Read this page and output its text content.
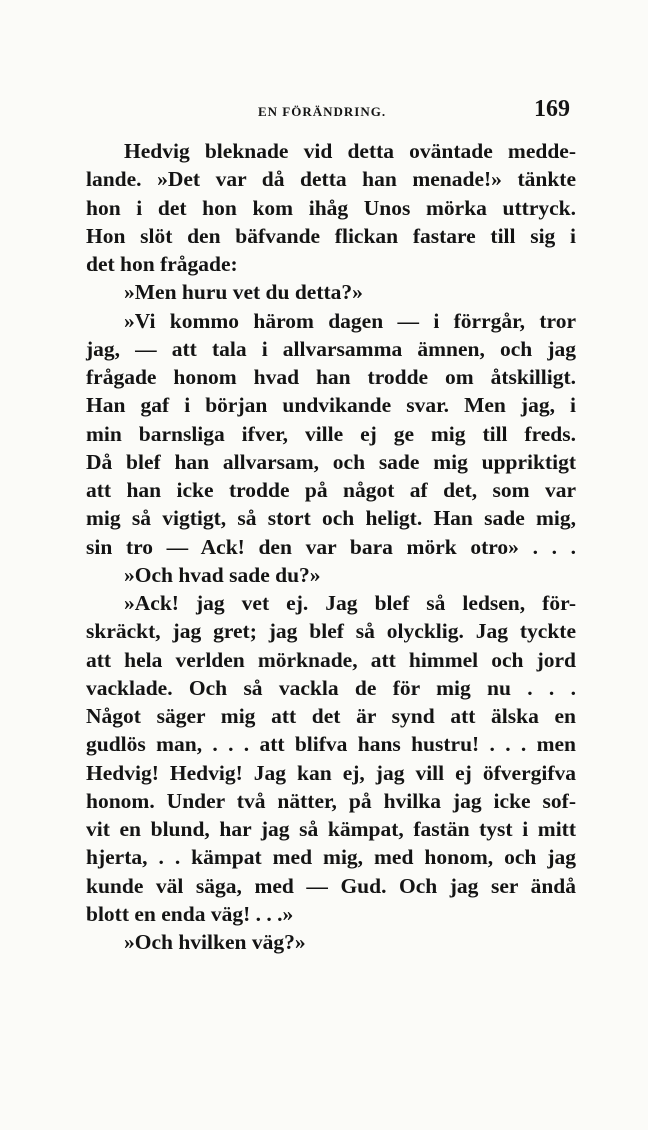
EN FÖRÄNDRING.	169
Hedvig bleknade vid detta oväntade medde-
lande. »Det var då detta han menade!» tänkte
hon i det hon kom ihåg Unos mörka uttryck.
Hon slöt den bäfvande flickan fastare till sig i
det hon frågade:
»Men huru vet du detta?»
»Vi kommo härom dagen — i förrgår, tror
jag, — att tala i allvarsamma ämnen, och jag
frågade honom hvad han trodde om åtskilligt.
Han gaf i början undvikande svar. Men jag, i
min barnsliga ifver, ville ej ge mig till freds.
Då blef han allvarsam, och sade mig uppriktigt
att han icke trodde på något af det, som var
mig så vigtigt, så stort och heligt. Han sade mig,
sin tro — Ack! den var bara mörk otro» . . .
»Och hvad sade du?»
»Ack! jag vet ej. Jag blef så ledsen, för-
skräckt, jag gret; jag blef så olycklig. Jag tyckte
att hela verlden mörknade, att himmel och jord
vacklade. Och så vackla de för mig nu . . .
Något säger mig att det är synd att älska en
gudlös man, . . . att blifva hans hustru! . . . men
Hedvig! Hedvig! Jag kan ej, jag vill ej öfvergifva
honom. Under två nätter, på hvilka jag icke sof-
vit en blund, har jag så kämpat, fastän tyst i mitt
hjerta, . . kämpat med mig, med honom, och jag
kunde väl säga, med — Gud. Och jag ser ändå
blott en enda väg! . . .»
»Och hvilken väg?»
